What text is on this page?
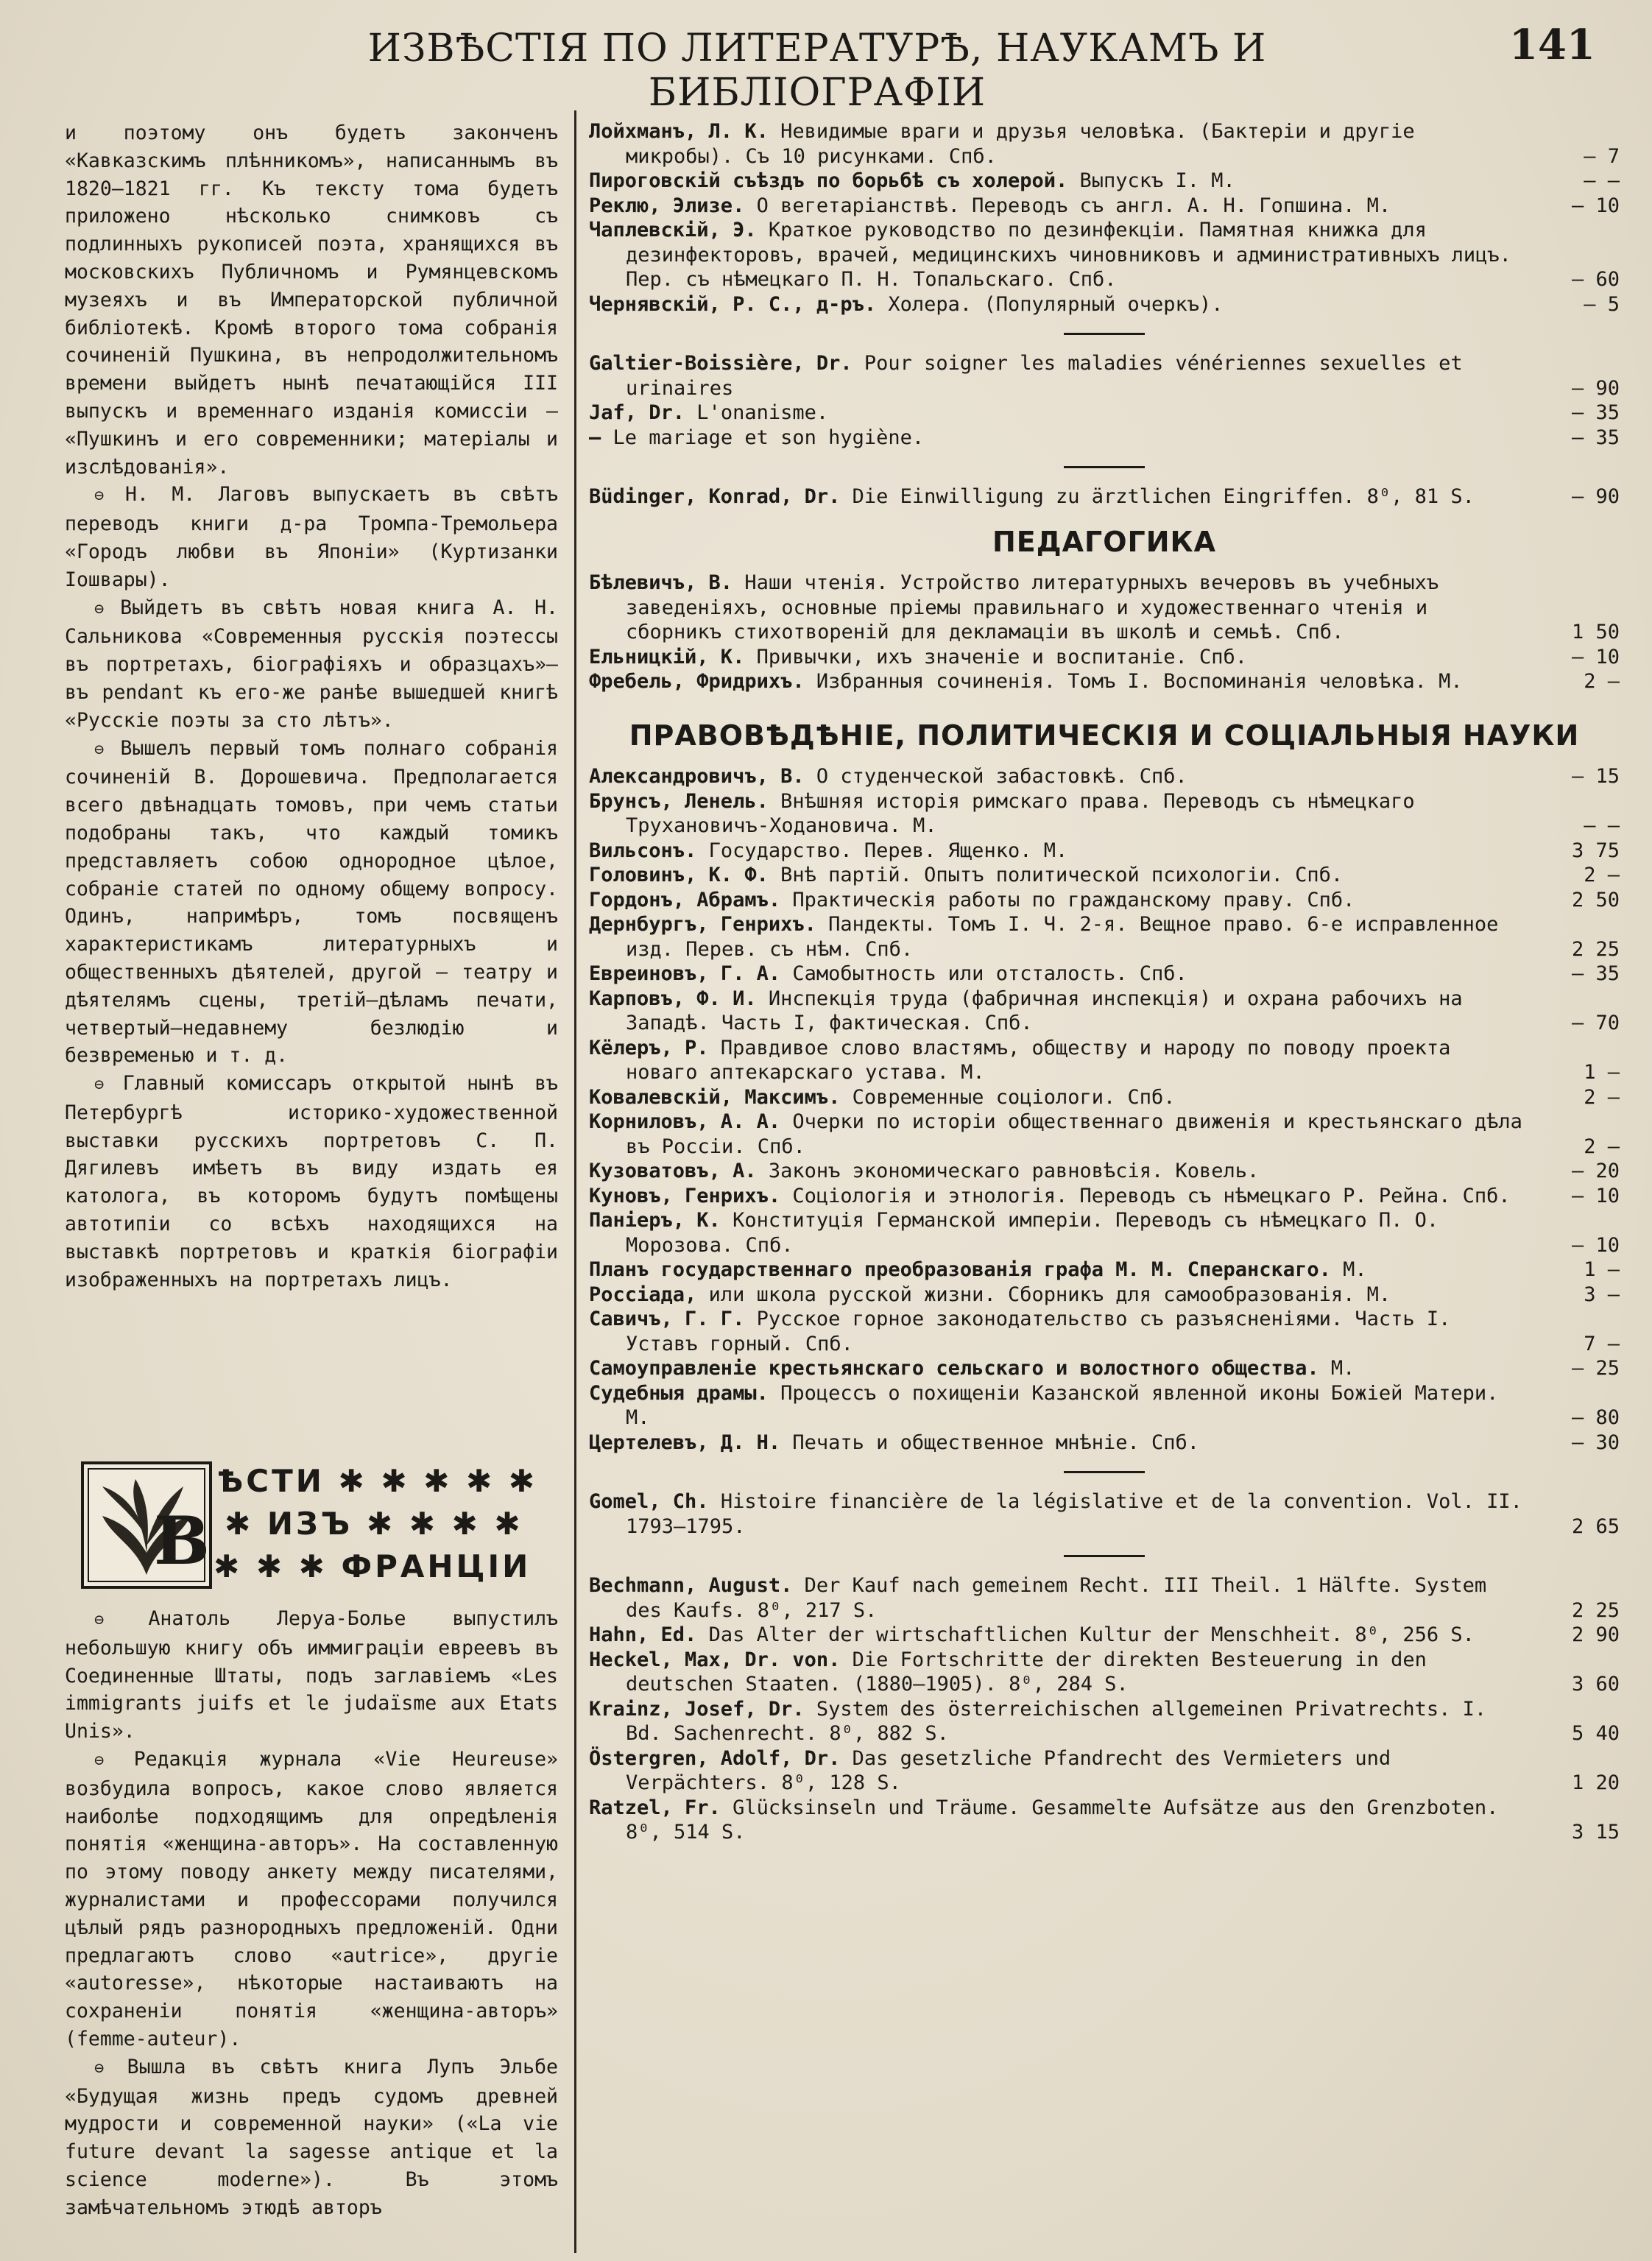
ИЗВѢСТІЯ ПО ЛИТЕРАТУРѢ, НАУКАМЪ И БИБЛІОГРАФІИ
141

и поэтому онъ будетъ законченъ «Кавказскимъ плѣнникомъ», написаннымъ въ 1820—1821 гг. Къ тексту тома будетъ приложено нѣсколько снимковъ съ подлинныхъ рукописей поэта, хранящихся въ московскихъ Публичномъ и Румянцевскомъ музеяхъ и въ Императорской публичной библіотекѣ. Кромѣ второго тома собранія сочиненій Пушкина, въ непродолжительномъ времени выйдетъ нынѣ печатающійся III выпускъ и временнаго изданія комиссіи — «Пушкинъ и его современники; матеріалы и изслѣдованія».

⊖ Н. М. Лаговъ выпускаетъ въ свѣтъ переводъ книги д-ра Тромпа-Тремольера «Городъ любви въ Японіи» (Куртизанки Іошвары).

⊖ Выйдетъ въ свѣтъ новая книга А. Н. Сальникова «Современныя русскія поэтессы въ портретахъ, біографіяхъ и образцахъ»—въ pendant къ его-же ранѣе вышедшей книгѣ «Русскіе поэты за сто лѣтъ».

⊖ Вышелъ первый томъ полнаго собранія сочиненій В. Дорошевича. Предполагается всего двѣнадцать томовъ, при чемъ статьи подобраны такъ, что каждый томикъ представляетъ собою однородное цѣлое, собраніе статей по одному общему вопросу. Одинъ, напримѣръ, томъ посвященъ характеристикамъ литературныхъ и общественныхъ дѣятелей, другой — театру и дѣятелямъ сцены, третій—дѣламъ печати, четвертый—недавнему безлюдію и безвременью и т. д.

⊖ Главный комиссаръ открытой нынѣ въ Петербургѣ историко-художественной выставки русскихъ портретовъ С. П. Дягилевъ имѣетъ въ виду издать ея католога, въ которомъ будутъ помѣщены автотипіи со всѣхъ находящихся на выставкѣ портретовъ и краткія біографіи изображенныхъ на портретахъ лицъ.

В
ѢСТИ ✱ ✱ ✱ ✱ ✱
✱ ИЗЪ ✱ ✱ ✱ ✱
✱ ✱ ✱ ФРАНЦІИ

⊖ Анатоль Леруа-Болье выпустилъ небольшую книгу объ иммиграціи евреевъ въ Соединенные Штаты, подъ заглавіемъ «Les immigrants juifs et le judaïsme aux Etats Unis».

⊖ Редакція журнала «Vie Heureuse» возбудила вопросъ, какое слово является наиболѣе подходящимъ для опредѣленія понятія «женщина-авторъ». На составленную по этому поводу анкету между писателями, журналистами и профессорами получился цѣлый рядъ разнородныхъ предложеній. Одни предлагаютъ слово «autrice», другіе «autoresse», нѣкоторые настаиваютъ на сохраненіи понятія «женщина-авторъ» (femme-auteur).

⊖ Вышла въ свѣтъ книга Лупъ Эльбе «Будущая жизнь предъ судомъ древней мудрости и современной науки» («La vie future devant la sagesse antique et la science moderne»). Въ этомъ замѣчательномъ этюдѣ авторъ

Лойхманъ, Л. К. Невидимые враги и друзья человѣка. (Бактеріи и другіе микробы). Съ 10 рисунками. Спб.	— 7
Пироговскій съѣздъ по борьбѣ съ холерой. Выпускъ I. М.	— —
Реклю, Элизе. О вегетаріанствѣ. Переводъ съ англ. А. Н. Гопшина. М.	— 10
Чаплевскій, Э. Краткое руководство по дезинфекціи. Памятная книжка для дезинфекторовъ, врачей, медицинскихъ чиновниковъ и административныхъ лицъ. Пер. съ нѣмецкаго П. Н. Топальскаго. Спб.	— 60
Чернявскій, Р. С., д-ръ. Холера. (Популярный очеркъ).	— 5
Galtier-Boissière, Dr. Pour soigner les maladies vénériennes sexuelles et urinaires	— 90
Jaf, Dr. L'onanisme.	— 35
— Le mariage et son hygiène.	— 35
Büdinger, Konrad, Dr. Die Einwilligung zu ärztlichen Eingriffen. 8⁰, 81 S.	— 90
ПЕДАГОГИКА
Бѣлевичъ, В. Наши чтенія. Устройство литературныхъ вечеровъ въ учебныхъ заведеніяхъ, основные пріемы правильнаго и художественнаго чтенія и сборникъ стихотвореній для декламаціи въ школѣ и семьѣ. Спб.	1 50
Ельницкій, К. Привычки, ихъ значеніе и воспитаніе. Спб.	— 10
Фребель, Фридрихъ. Избранныя сочиненія. Томъ I. Воспоминанія человѣка. М.	2 —
ПРАВОВѢДѢНІЕ, ПОЛИТИЧЕСКІЯ И СОЦІАЛЬНЫЯ НАУКИ
Александровичъ, В. О студенческой забастовкѣ. Спб.	— 15
Брунсъ, Ленель. Внѣшняя исторія римскаго права. Переводъ съ нѣмецкаго Трухановичъ-Ходановича. М.	— —
Вильсонъ. Государство. Перев. Ященко. М.	3 75
Головинъ, К. Ф. Внѣ партій. Опытъ политической психологіи. Спб.	2 —
Гордонъ, Абрамъ. Практическія работы по гражданскому праву. Спб.	2 50
Дернбургъ, Генрихъ. Пандекты. Томъ I. Ч. 2-я. Вещное право. 6-е исправленное изд. Перев. съ нѣм. Спб.	2 25
Евреиновъ, Г. А. Самобытность или отсталость. Спб.	— 35
Карповъ, Ф. И. Инспекція труда (фабричная инспекція) и охрана рабочихъ на Западѣ. Часть I, фактическая. Спб.	— 70
Кёлеръ, Р. Правдивое слово властямъ, обществу и народу по поводу проекта новаго аптекарскаго устава. М.	1 —
Ковалевскій, Максимъ. Современные соціологи. Спб.	2 —
Корниловъ, А. А. Очерки по исторіи общественнаго движенія и крестьянскаго дѣла въ Россіи. Спб.	2 —
Кузоватовъ, А. Законъ экономическаго равновѣсія. Ковель.	— 20
Куновъ, Генрихъ. Соціологія и этнологія. Переводъ съ нѣмецкаго Р. Рейна. Спб.	— 10
Паніеръ, К. Конституція Германской имперіи. Переводъ съ нѣмецкаго П. О. Морозова. Спб.	— 10
Планъ государственнаго преобразованія графа М. М. Сперанскаго. М.	1 —
Россіада, или школа русской жизни. Сборникъ для самообразованія. М.	3 —
Савичъ, Г. Г. Русское горное законодательство съ разъясненіями. Часть I. Уставъ горный. Спб.	7 —
Самоуправленіе крестьянскаго сельскаго и волостного общества. М.	— 25
Судебныя драмы. Процессъ о похищеніи Казанской явленной иконы Божіей Матери. М.	— 80
Цертелевъ, Д. Н. Печать и общественное мнѣніе. Спб.	— 30
Gomel, Ch. Histoire financière de la législative et de la convention. Vol. II. 1793—1795.	2 65
Bechmann, August. Der Kauf nach gemeinem Recht. III Theil. 1 Hälfte. System des Kaufs. 8⁰, 217 S.	2 25
Hahn, Ed. Das Alter der wirtschaftlichen Kultur der Menschheit. 8⁰, 256 S.	2 90
Heckel, Max, Dr. von. Die Fortschritte der direkten Besteuerung in den deutschen Staaten. (1880—1905). 8⁰, 284 S.	3 60
Krainz, Josef, Dr. System des österreichischen allgemeinen Privatrechts. I. Bd. Sachenrecht. 8⁰, 882 S.	5 40
Östergren, Adolf, Dr. Das gesetzliche Pfandrecht des Vermieters und Verpächters. 8⁰, 128 S.	1 20
Ratzel, Fr. Glücksinseln und Träume. Gesammelte Aufsätze aus den Grenzboten. 8⁰, 514 S.	3 15
